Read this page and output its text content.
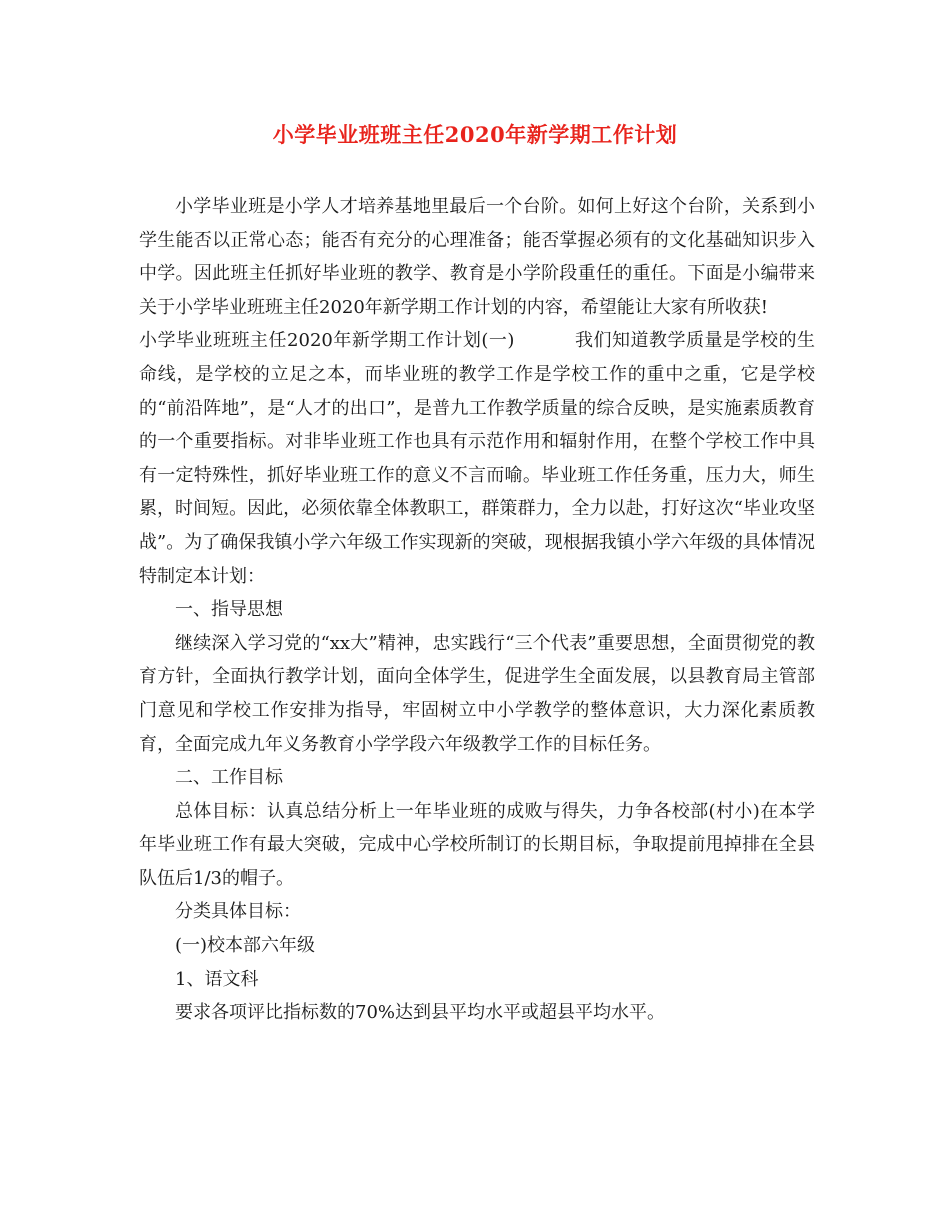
小学毕业班班主任2020年新学期工作计划

小学毕业班是小学人才培养基地里最后一个台阶。如何上好这个台阶，关系到小学生能否以正常心态；能否有充分的心理准备；能否掌握必须有的文化基础知识步入中学。因此班主任抓好毕业班的教学、教育是小学阶段重任的重任。下面是小编带来关于小学毕业班班主任2020年新学期工作计划的内容，希望能让大家有所收获!

小学毕业班班主任2020年新学期工作计划(一)	我们知道教学质量是学校的生命线，是学校的立足之本，而毕业班的教学工作是学校工作的重中之重，它是学校的“前沿阵地”，是“人才的出口”，是普九工作教学质量的综合反映，是实施素质教育的一个重要指标。对非毕业班工作也具有示范作用和辐射作用，在整个学校工作中具有一定特殊性，抓好毕业班工作的意义不言而喻。毕业班工作任务重，压力大，师生累，时间短。因此，必须依靠全体教职工，群策群力，全力以赴，打好这次“毕业攻坚战”。为了确保我镇小学六年级工作实现新的突破，现根据我镇小学六年级的具体情况特制定本计划：

一、指导思想

继续深入学习党的“xx大”精神，忠实践行“三个代表”重要思想，全面贯彻党的教育方针，全面执行教学计划，面向全体学生，促进学生全面发展，以县教育局主管部门意见和学校工作安排为指导，牢固树立中小学教学的整体意识，大力深化素质教育，全面完成九年义务教育小学学段六年级教学工作的目标任务。

二、工作目标

总体目标：认真总结分析上一年毕业班的成败与得失，力争各校部(村小)在本学年毕业班工作有最大突破，完成中心学校所制订的长期目标，争取提前甩掉排在全县队伍后1/3的帽子。

分类具体目标：

(一)校本部六年级

1、语文科

要求各项评比指标数的70%达到县平均水平或超县平均水平。
